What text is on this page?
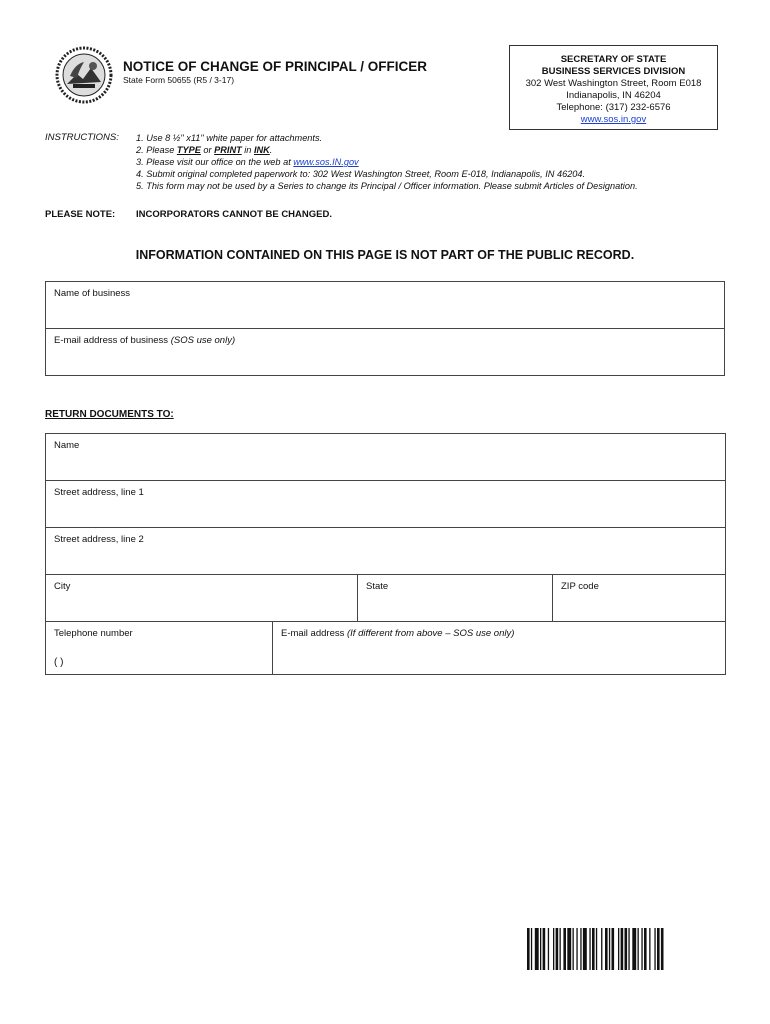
NOTICE OF CHANGE OF PRINCIPAL / OFFICER
State Form 50655 (R5 / 3-17)
SECRETARY OF STATE
BUSINESS SERVICES DIVISION
302 West Washington Street, Room E018
Indianapolis, IN 46204
Telephone: (317) 232-6576
www.sos.in.gov
INSTRUCTIONS: 1. Use 8 ½" x11" white paper for attachments.
2. Please TYPE or PRINT in INK.
3. Please visit our office on the web at www.sos.IN.gov
4. Submit original completed paperwork to: 302 West Washington Street, Room E-018, Indianapolis, IN 46204.
5. This form may not be used by a Series to change its Principal / Officer information. Please submit Articles of Designation.
PLEASE NOTE: INCORPORATORS CANNOT BE CHANGED.
INFORMATION CONTAINED ON THIS PAGE IS NOT PART OF THE PUBLIC RECORD.
Name of business
E-mail address of business (SOS use only)
RETURN DOCUMENTS TO:
Name			
Street address, line 1			
Street address, line 2			
City		State	ZIP code
Telephone number
( )	E-mail address (If different from above – SOS use only)		
